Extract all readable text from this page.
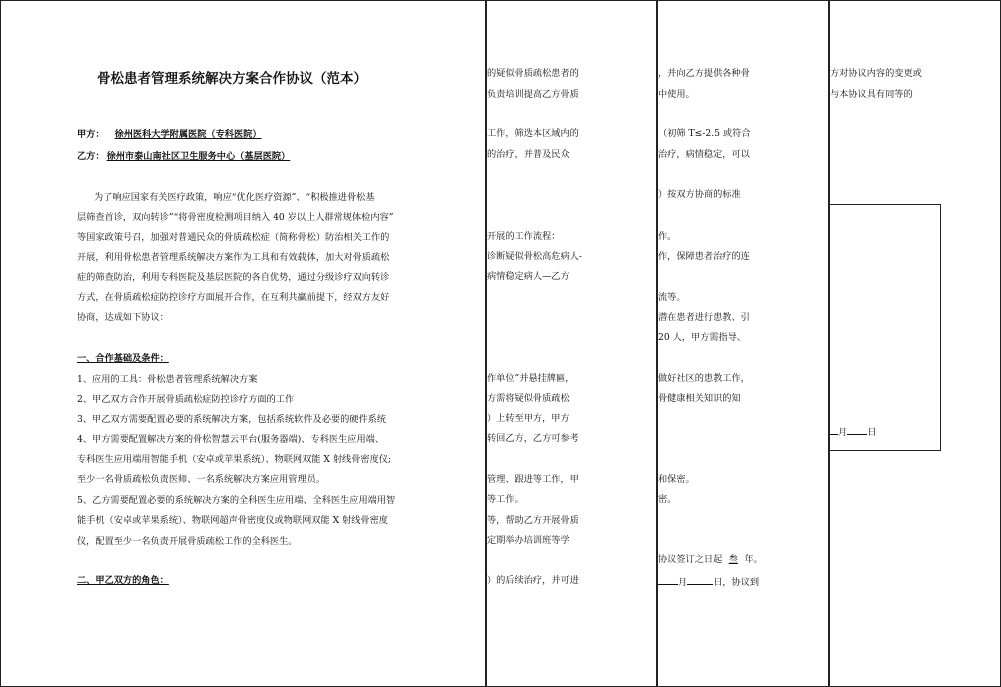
骨松患者管理系统解决方案合作协议（范本）
甲方： 徐州医科大学附属医院（专科医院）
乙方： 徐州市泰山南社区卫生服务中心（基层医院）
为了响应国家有关医疗政策，响应“优化医疗资源”、“积极推进骨松基
层筛查首诊，双向转诊”“将骨密度检测项目纳入 40 岁以上人群常规体检内容”
等国家政策号召，加强对普通民众的骨质疏松症（简称骨松）防治相关工作的
开展，利用骨松患者管理系统解决方案作为工具和有效载体，加大对骨质疏松
症的筛查防治，利用专科医院及基层医院的各自优势，通过分级诊疗双向转诊
方式，在骨质疏松症防控诊疗方面展开合作，在互利共赢前提下，经双方友好
协商，达成如下协议：
一、合作基础及条件：
1、应用的工具：骨松患者管理系统解决方案
2、甲乙双方合作开展骨质疏松症防控诊疗方面的工作
3、甲乙双方需要配置必要的系统解决方案，包括系统软件及必要的硬件系统
4、甲方需要配置解决方案的骨松智慧云平台(服务器端)、专科医生应用端、
专科医生应用端用智能手机（安卓或苹果系统）、物联网双能 X 射线骨密度仪;
至少一名骨质疏松负责医师、一名系统解决方案应用管理员。
5、乙方需要配置必要的系统解决方案的全科医生应用端、全科医生应用端用智
能手机（安卓或苹果系统）、物联网超声骨密度仪或物联网双能 X 射线骨密度
仪，配置至少一名负责开展骨质疏松工作的全科医生。
二、甲乙双方的角色：
的疑似骨质疏松患者的
负责培训提高乙方骨质
工作，筛选本区域内的
的治疗，并普及民众
开展的工作流程：
诊断疑似骨松高危病人-
病情稳定病人—乙方
作单位”并悬挂牌匾，
方需将疑似骨质疏松
）上转至甲方，甲方
转回乙方，乙方可参考
管理、跟进等工作，甲
等工作。
等，帮助乙方开展骨质
定期举办培训班等学
）的后续治疗，并可进
，并向乙方提供各种骨
中使用。
（初筛 T≤-2.5 或符合
治疗，病情稳定，可以
）按双方协商的标准
作。
作，保障患者治疗的连
流等。
潜在患者进行患教、引
20 人，甲方需指导、
做好社区的患教工作，
骨健康相关知识的知
和保密。
密。
协议签订之日起 叁 年。
月	日，协议到
方对协议内容的变更或
与本协议具有同等的
月 日
